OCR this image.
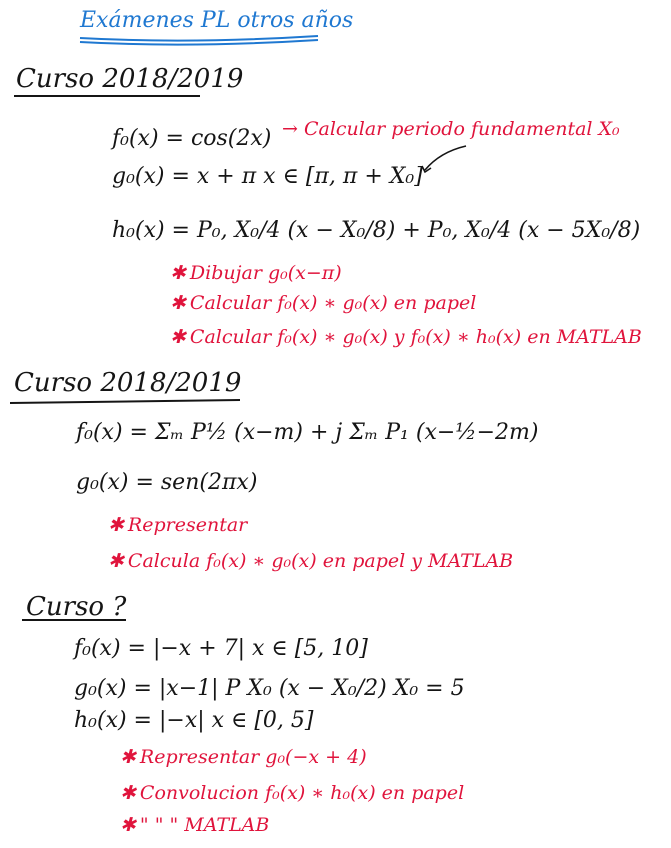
Exámenes PL otros años
Curso 2018/2019
f₀(x) = cos(2x) → Calcular periodo fundamental X₀
g₀(x) = x + π x ∈ [π, π + X₀]
h₀(x) = P₀, X₀/4 (x − X₀/8) + P₀, X₀/4 (x − 5X₀/8)
✱ Dibujar g₀(x−π)
✱ Calcular f₀(x) ∗ g₀(x) en papel
✱ Calcular f₀(x) ∗ g₀(x) y f₀(x) ∗ h₀(x) en MATLAB
Curso 2018/2019
f₀(x) = Σₘ P½ (x−m) + j Σₘ P₁ (x−½−2m)
g₀(x) = sen(2πx)
✱ Representar
✱ Calcula f₀(x) ∗ g₀(x) en papel y MATLAB
Curso ?
f₀(x) = |−x + 7| x ∈ [5, 10]
g₀(x) = |x−1| P X₀ (x − X₀/2) X₀ = 5
h₀(x) = |−x| x ∈ [0, 5]
✱ Representar g₀(−x + 4)
✱ Convolucion f₀(x) ∗ h₀(x) en papel
✱ " " " MATLAB
